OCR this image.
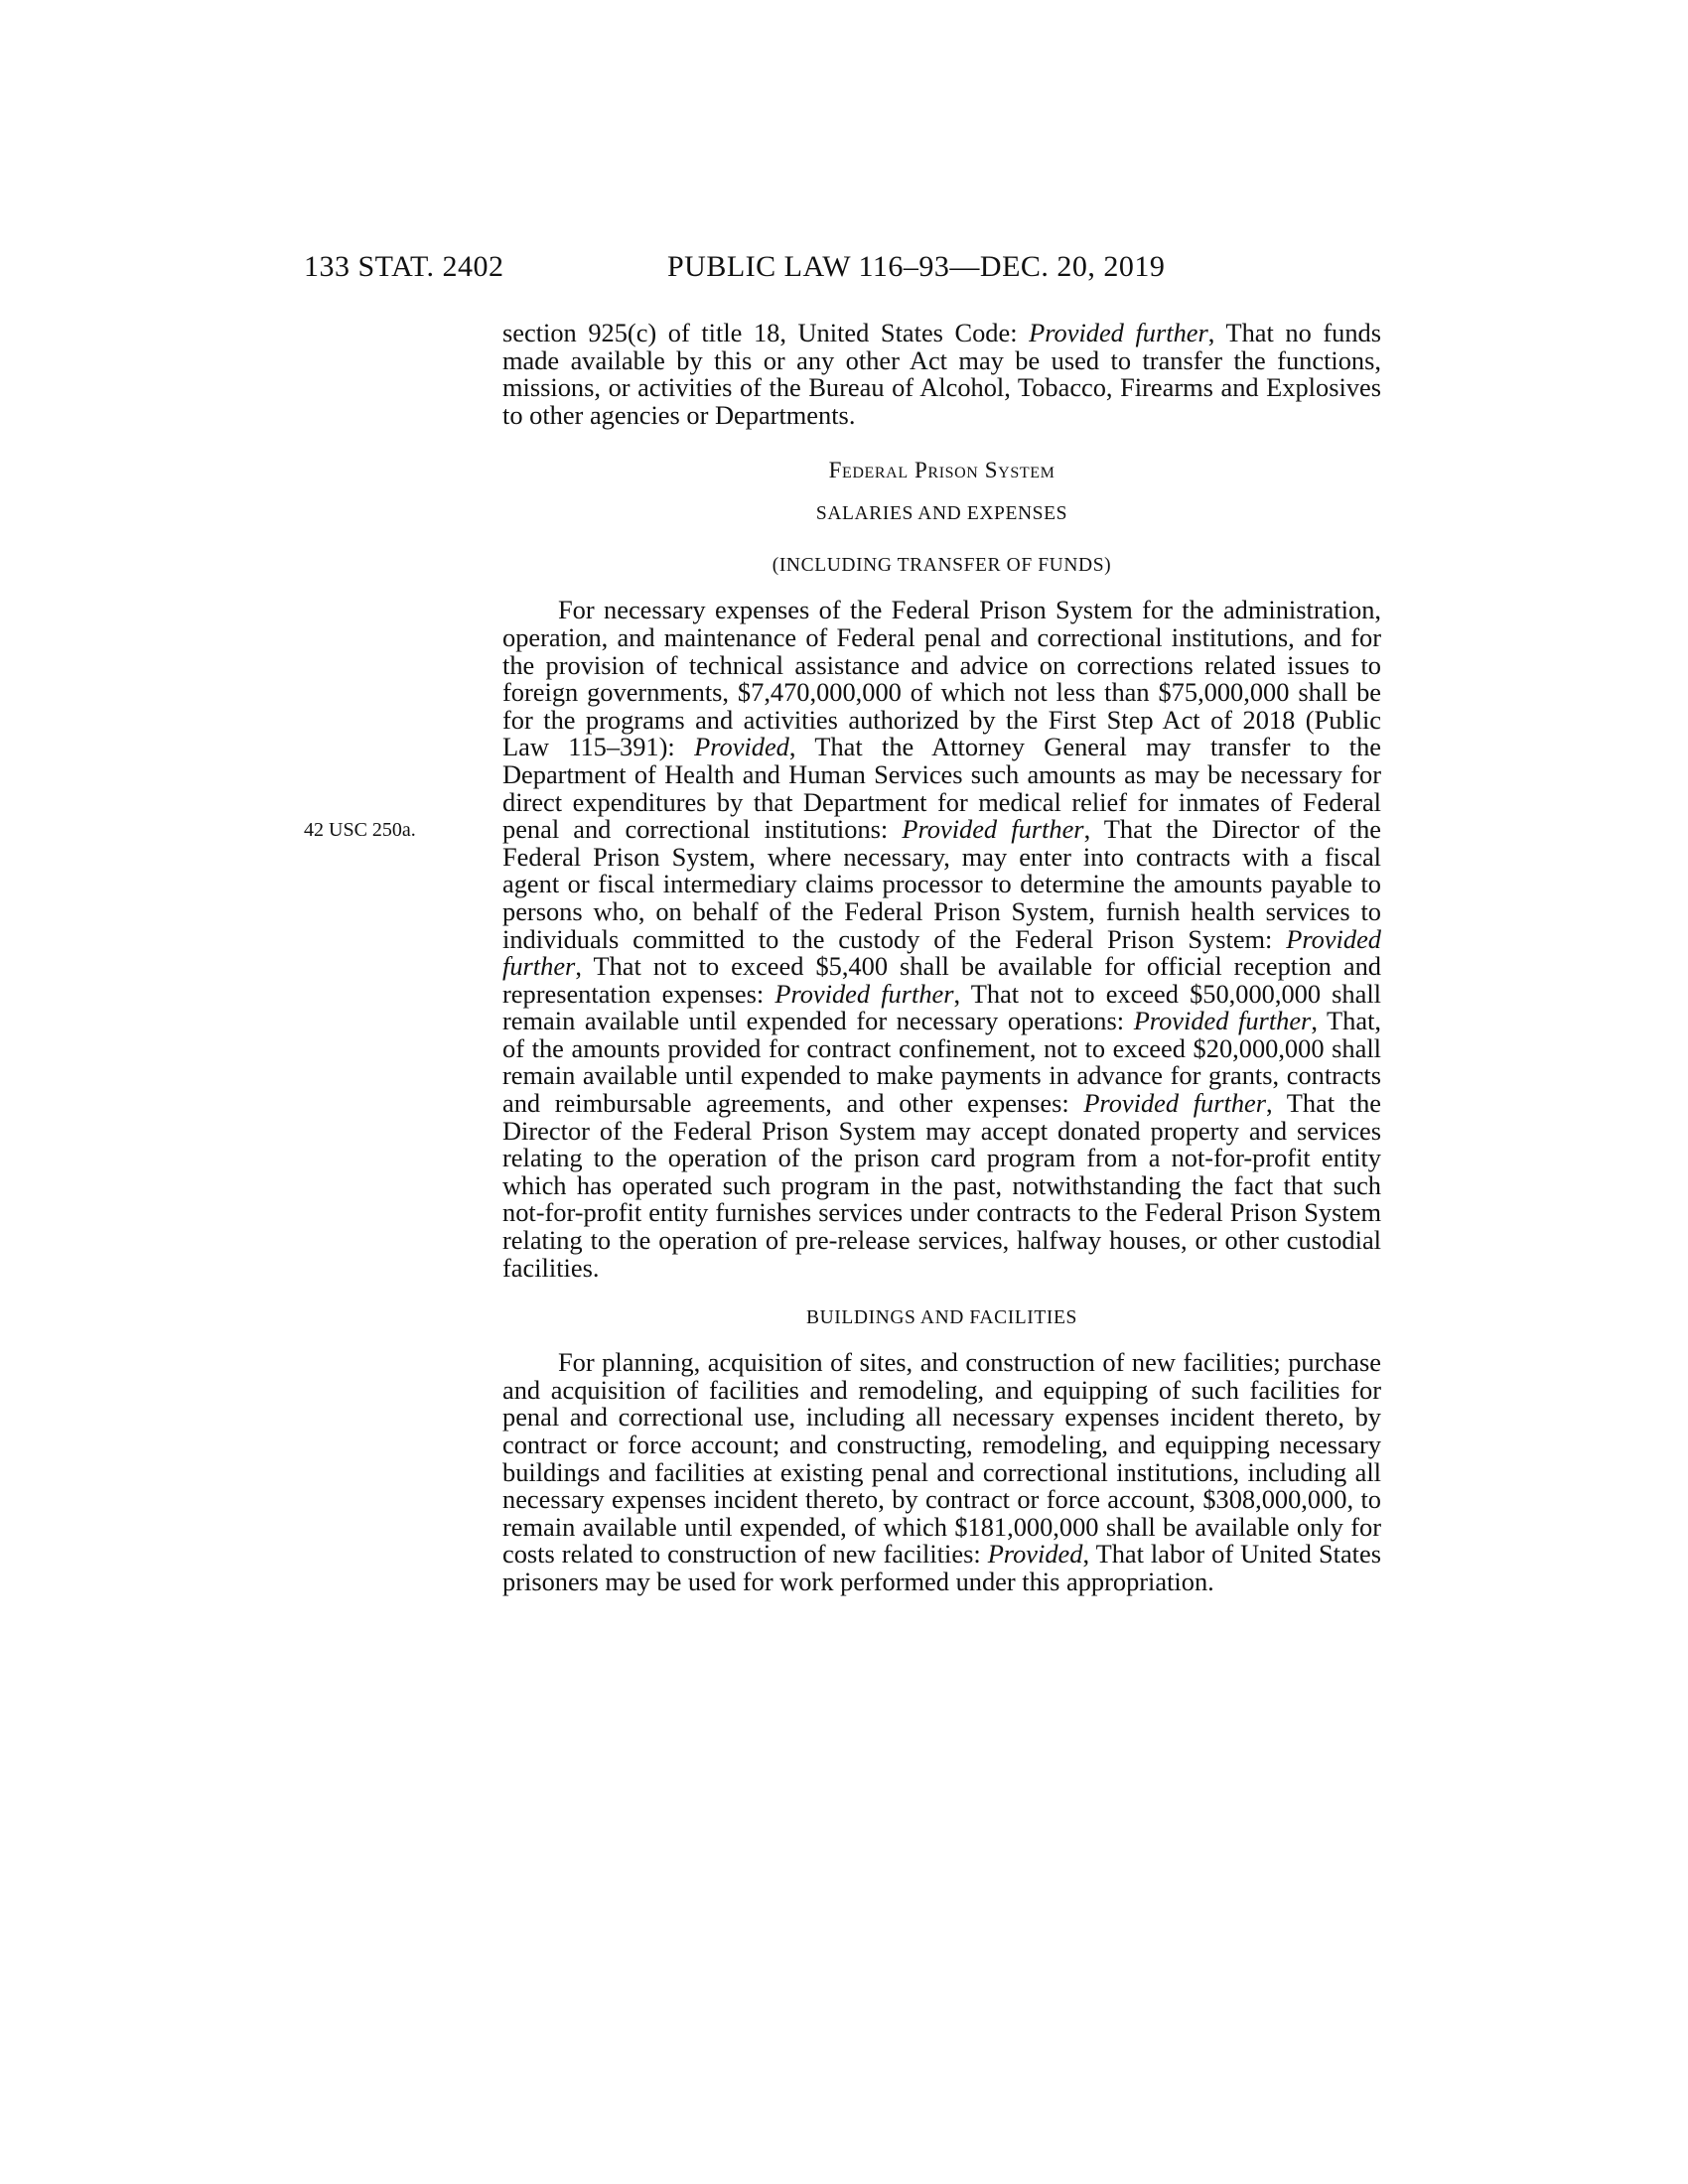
133 STAT. 2402	PUBLIC LAW 116–93—DEC. 20, 2019
42 USC 250a.

section 925(c) of title 18, United States Code: Provided further, That no funds made available by this or any other Act may be used to transfer the functions, missions, or activities of the Bureau of Alcohol, Tobacco, Firearms and Explosives to other agencies or Departments.

Federal Prison System
SALARIES AND EXPENSES
(INCLUDING TRANSFER OF FUNDS)

For necessary expenses of the Federal Prison System for the administration, operation, and maintenance of Federal penal and correctional institutions, and for the provision of technical assistance and advice on corrections related issues to foreign governments, $7,470,000,000 of which not less than $75,000,000 shall be for the programs and activities authorized by the First Step Act of 2018 (Public Law 115–391): Provided, That the Attorney General may transfer to the Department of Health and Human Services such amounts as may be necessary for direct expenditures by that Department for medical relief for inmates of Federal penal and correctional institutions: Provided further, That the Director of the Federal Prison System, where necessary, may enter into contracts with a fiscal agent or fiscal intermediary claims processor to determine the amounts payable to persons who, on behalf of the Federal Prison System, furnish health services to individuals committed to the custody of the Federal Prison System: Provided further, That not to exceed $5,400 shall be available for official reception and representation expenses: Provided further, That not to exceed $50,000,000 shall remain available until expended for necessary operations: Provided further, That, of the amounts provided for contract confinement, not to exceed $20,000,000 shall remain available until expended to make payments in advance for grants, contracts and reimbursable agreements, and other expenses: Provided further, That the Director of the Federal Prison System may accept donated property and services relating to the operation of the prison card program from a not-for-profit entity which has operated such program in the past, notwithstanding the fact that such not-for-profit entity furnishes services under contracts to the Federal Prison System relating to the operation of pre-release services, halfway houses, or other custodial facilities.

BUILDINGS AND FACILITIES

For planning, acquisition of sites, and construction of new facilities; purchase and acquisition of facilities and remodeling, and equipping of such facilities for penal and correctional use, including all necessary expenses incident thereto, by contract or force account; and constructing, remodeling, and equipping necessary buildings and facilities at existing penal and correctional institutions, including all necessary expenses incident thereto, by contract or force account, $308,000,000, to remain available until expended, of which $181,000,000 shall be available only for costs related to construction of new facilities: Provided, That labor of United States prisoners may be used for work performed under this appropriation.
